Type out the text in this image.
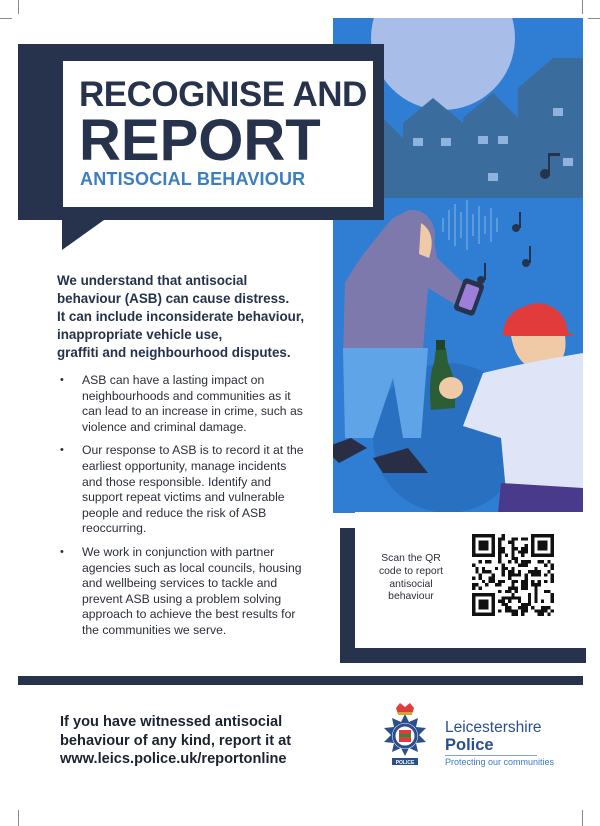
RECOGNISE AND
REPORT
ANTISOCIAL BEHAVIOUR
We understand that antisocial
behaviour (ASB) can cause distress.
It can include inconsiderate behaviour,
inappropriate vehicle use,
graffiti and neighbourhood disputes.
• ASB can have a lasting impact on
neighbourhoods and communities as it
can lead to an increase in crime, such as
violence and criminal damage.
• Our response to ASB is to record it at the
earliest opportunity, manage incidents
and those responsible. Identify and
support repeat victims and vulnerable
people and reduce the risk of ASB
reoccurring.
• We work in conjunction with partner
agencies such as local councils, housing
and wellbeing services to tackle and
prevent ASB using a problem solving
approach to achieve the best results for
the communities we serve.
Scan the QR
code to report
antisocial
behaviour
If you have witnessed antisocial
behaviour of any kind, report it at
www.leics.police.uk/reportonline	POLICE
Leicestershire
Police
Protecting our communities
